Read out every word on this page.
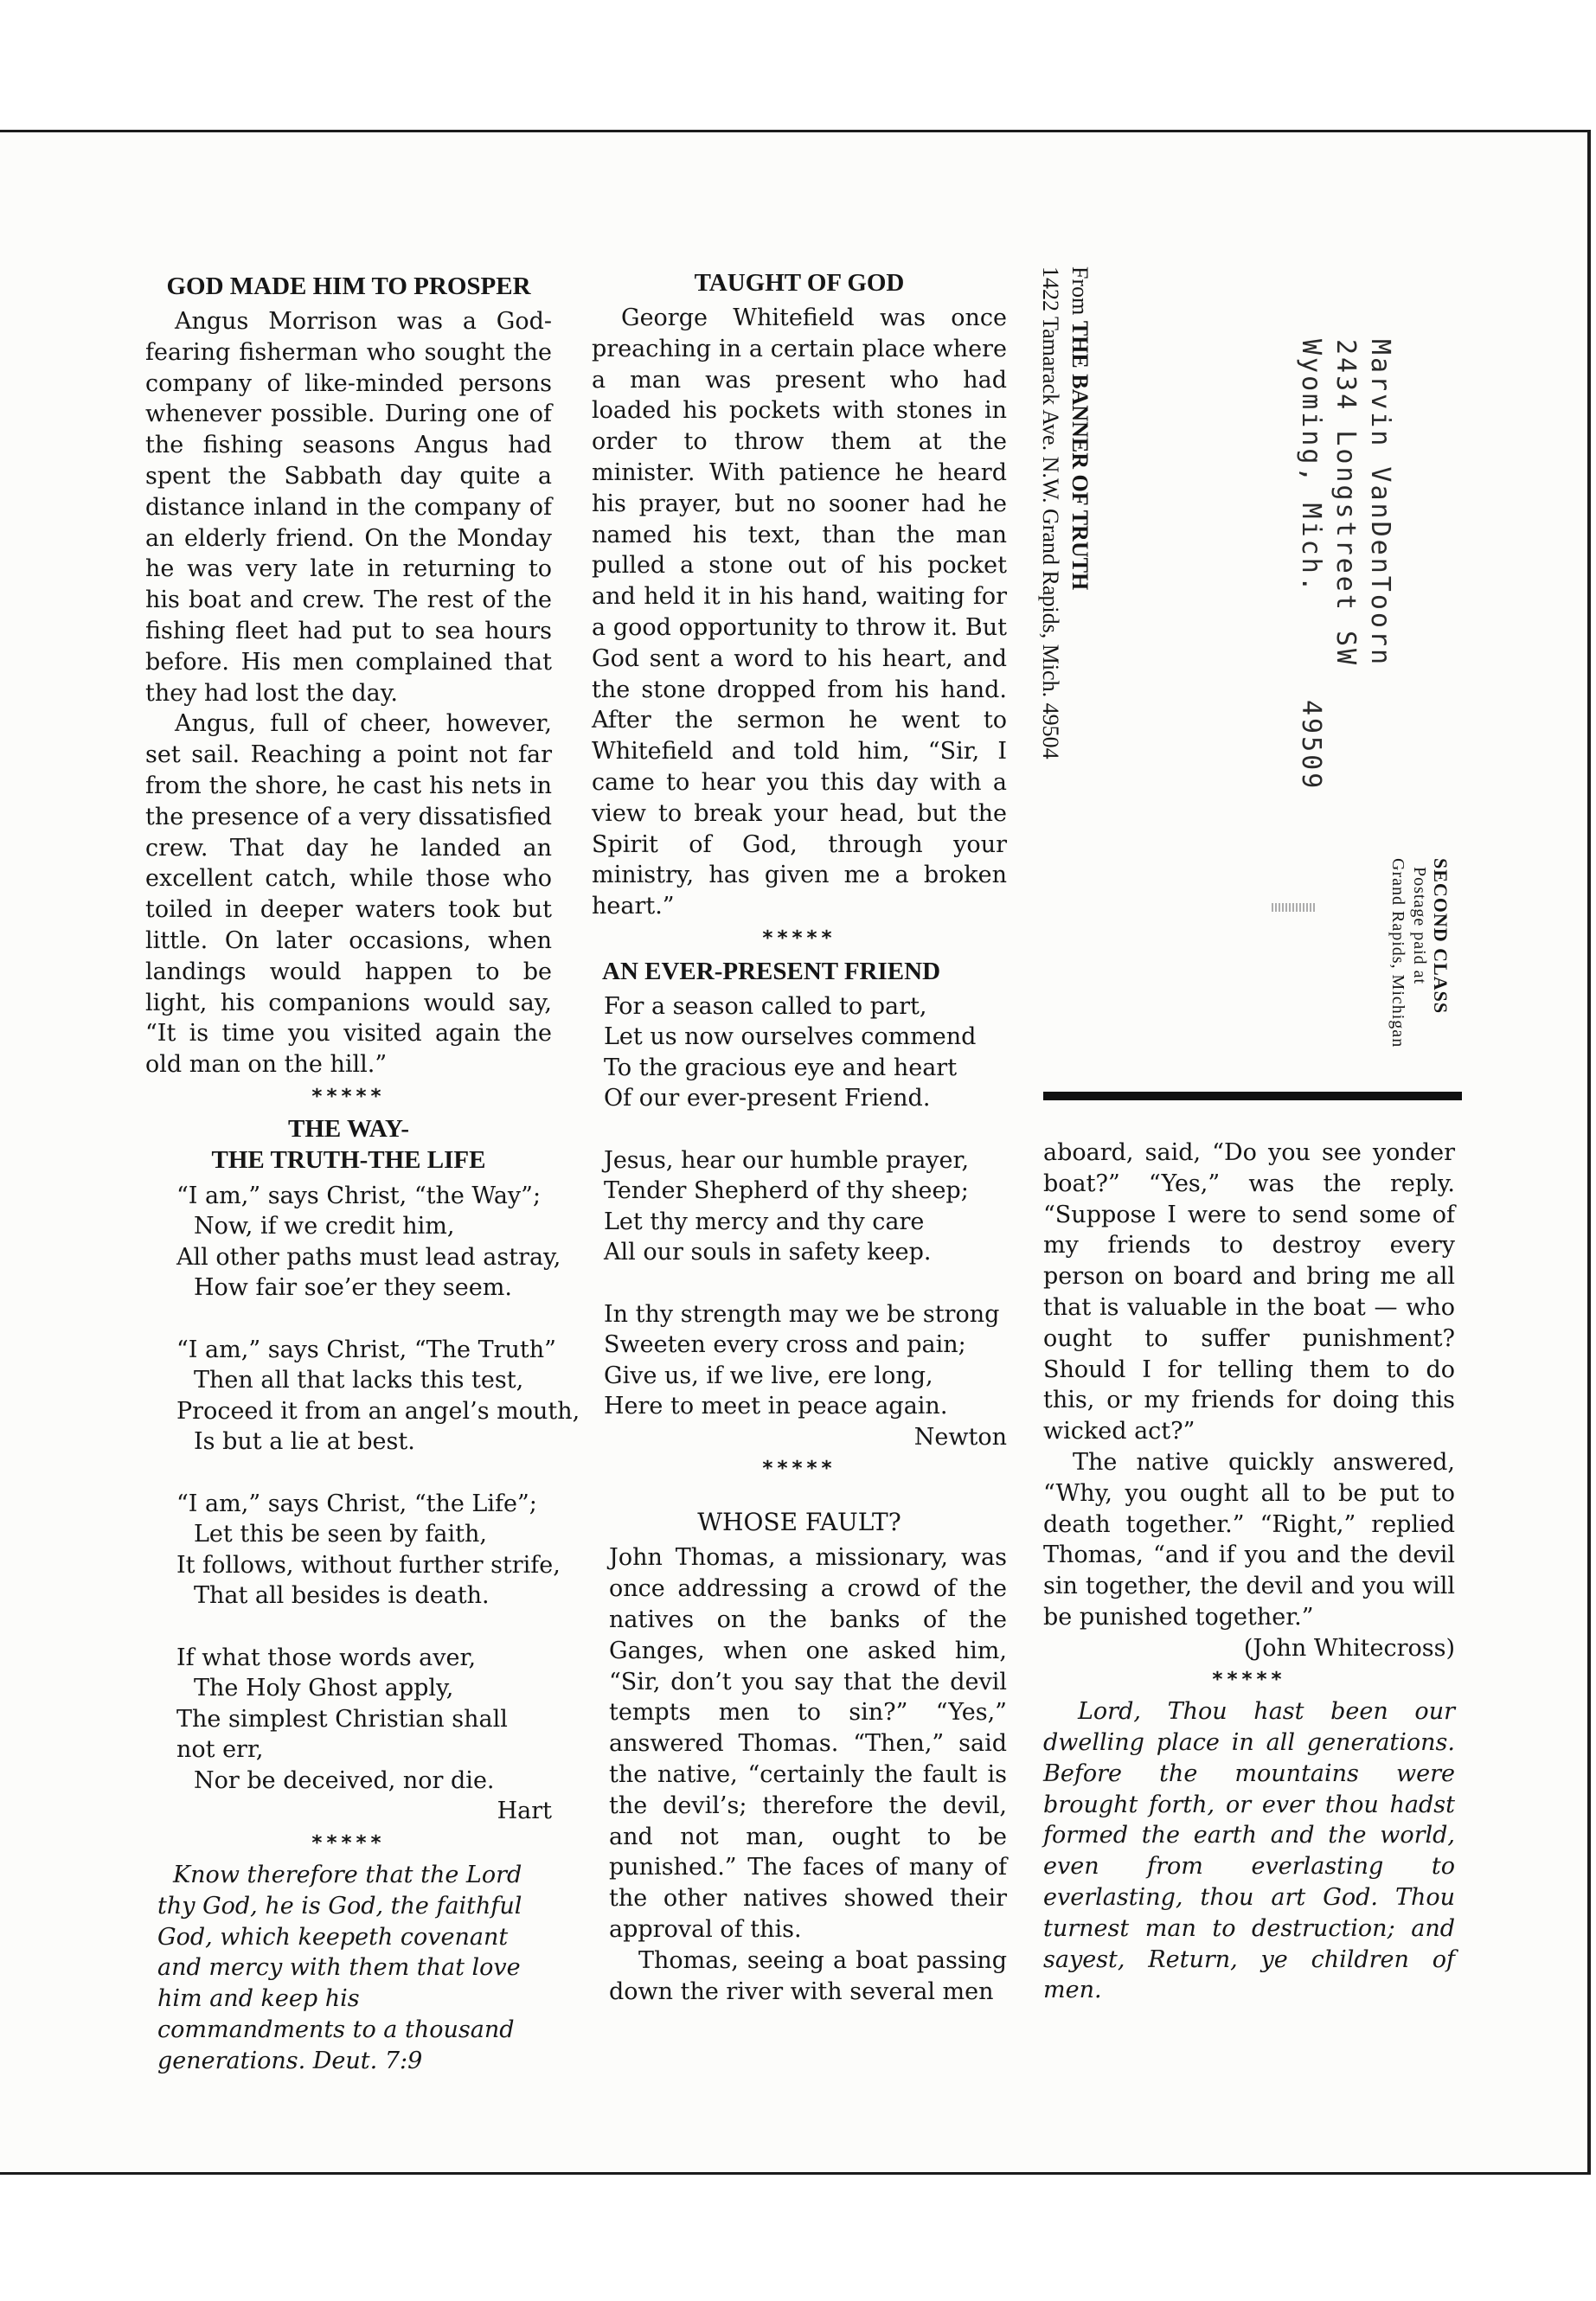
GOD MADE HIM TO PROSPER

Angus Morrison was a God-fearing fisherman who sought the company of like-minded persons whenever possible. During one of the fishing seasons Angus had spent the Sabbath day quite a distance inland in the company of an elderly friend. On the Monday he was very late in returning to his boat and crew. The rest of the fishing fleet had put to sea hours before. His men complained that they had lost the day.

Angus, full of cheer, however, set sail. Reaching a point not far from the shore, he cast his nets in the presence of a very dissatisfied crew. That day he landed an excellent catch, while those who toiled in deeper waters took but little. On later occasions, when landings would happen to be light, his companions would say, “It is time you visited again the old man on the hill.”

*****
THE WAY-
THE TRUTH-THE LIFE
“I am,” says Christ, “the Way”;
Now, if we credit him,
All other paths must lead astray,
How fair soe’er they seem.
“I am,” says Christ, “The Truth”
Then all that lacks this test,
Proceed it from an angel’s mouth,
Is but a lie at best.
“I am,” says Christ, “the Life”;
Let this be seen by faith,
It follows, without further strife,
That all besides is death.
If what those words aver,
The Holy Ghost apply,
The simplest Christian shall
not err,
Nor be deceived, nor die.
Hart
*****

Know therefore that the Lord thy God, he is God, the faithful God, which keepeth covenant and mercy with them that love him and keep his commandments to a thousand generations. Deut. 7:9

TAUGHT OF GOD

George Whitefield was once preaching in a certain place where a man was present who had loaded his pockets with stones in order to throw them at the minister. With patience he heard his prayer, but no sooner had he named his text, than the man pulled a stone out of his pocket and held it in his hand, waiting for a good opportunity to throw it. But God sent a word to his heart, and the stone dropped from his hand. After the sermon he went to Whitefield and told him, “Sir, I came to hear you this day with a view to break your head, but the Spirit of God, through your ministry, has given me a broken heart.”

*****
AN EVER-PRESENT FRIEND
For a season called to part,
Let us now ourselves commend
To the gracious eye and heart
Of our ever-present Friend.
Jesus, hear our humble prayer,
Tender Shepherd of thy sheep;
Let thy mercy and thy care
All our souls in safety keep.
In thy strength may we be strong
Sweeten every cross and pain;
Give us, if we live, ere long,
Here to meet in peace again.
Newton
*****
WHOSE FAULT?

John Thomas, a missionary, was once addressing a crowd of the natives on the banks of the Ganges, when one asked him, “Sir, don’t you say that the devil tempts men to sin?” “Yes,” answered Thomas. “Then,” said the native, “certainly the fault is the devil’s; therefore the devil, and not man, ought to be punished.” The faces of many of the other natives showed their approval of this.

Thomas, seeing a boat passing down the river with several men

From THE BANNER OF TRUTH
1422 Tamarack Ave. N.W. Grand Rapids, Mich. 49504	Marvin VanDenToorn
2434 Longstreet SW
Wyoming, Mich.  49509
SECOND CLASS
Postage paid at
Grand Rapids, Michigan

aboard, said, “Do you see yonder boat?” “Yes,” was the reply. “Suppose I were to send some of my friends to destroy every person on board and bring me all that is valuable in the boat — who ought to suffer punishment? Should I for telling them to do this, or my friends for doing this wicked act?”

The native quickly answered, “Why, you ought all to be put to death together.” “Right,” replied Thomas, “and if you and the devil sin together, the devil and you will be punished together.”

(John Whitecross)
*****

Lord, Thou hast been our dwelling place in all generations. Before the mountains were brought forth, or ever thou hadst formed the earth and the world, even from everlasting to everlasting, thou art God. Thou turnest man to destruction; and sayest, Return, ye children of men.
